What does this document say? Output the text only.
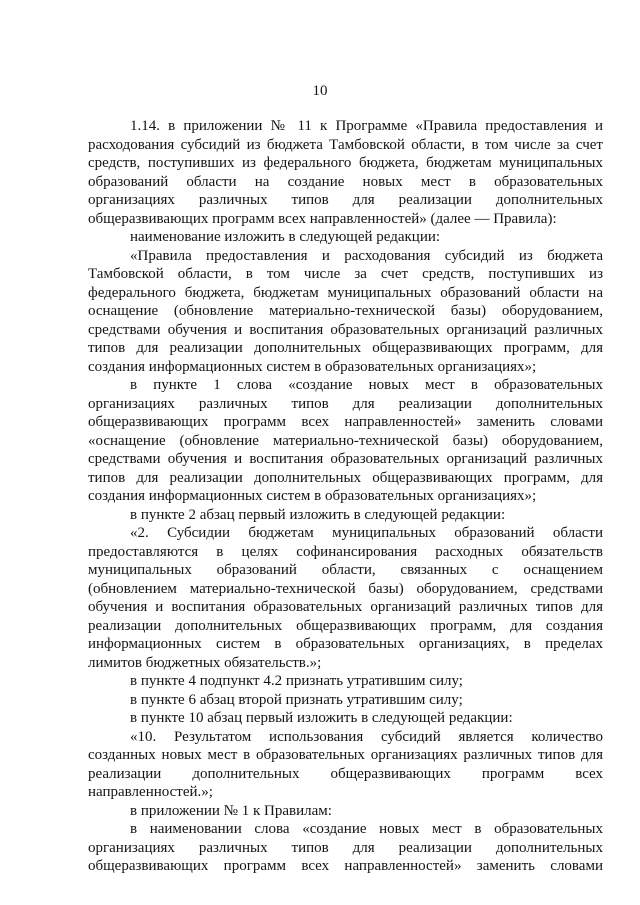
10
1.14. в приложении № 11 к Программе «Правила предоставления и
расходования субсидий из бюджета Тамбовской области, в том числе за счет
средств, поступивших из федерального бюджета, бюджетам муниципальных
образований области на создание новых мест в образовательных
организациях различных типов для реализации дополнительных
общеразвивающих программ всех направленностей» (далее — Правила):
наименование изложить в следующей редакции:
«Правила предоставления и расходования субсидий из бюджета
Тамбовской области, в том числе за счет средств, поступивших из
федерального бюджета, бюджетам муниципальных образований области на
оснащение (обновление материально-технической базы) оборудованием,
средствами обучения и воспитания образовательных организаций различных
типов для реализации дополнительных общеразвивающих программ, для
создания информационных систем в образовательных организациях»;
в пункте 1 слова «создание новых мест в образовательных
организациях различных типов для реализации дополнительных
общеразвивающих программ всех направленностей» заменить словами
«оснащение (обновление материально-технической базы) оборудованием,
средствами обучения и воспитания образовательных организаций различных
типов для реализации дополнительных общеразвивающих программ, для
создания информационных систем в образовательных организациях»;
в пункте 2 абзац первый изложить в следующей редакции:
«2. Субсидии бюджетам муниципальных образований области
предоставляются в целях софинансирования расходных обязательств
муниципальных образований области, связанных с оснащением
(обновлением материально-технической базы) оборудованием, средствами
обучения и воспитания образовательных организаций различных типов для
реализации дополнительных общеразвивающих программ, для создания
информационных систем в образовательных организациях, в пределах
лимитов бюджетных обязательств.»;
в пункте 4 подпункт 4.2 признать утратившим силу;
в пункте 6 абзац второй признать утратившим силу;
в пункте 10 абзац первый изложить в следующей редакции:
«10. Результатом использования субсидий является количество
созданных новых мест в образовательных организациях различных типов для
реализации дополнительных общеразвивающих программ всех
направленностей.»;
в приложении № 1 к Правилам:
в наименовании слова «создание новых мест в образовательных
организациях различных типов для реализации дополнительных
общеразвивающих программ всех направленностей» заменить словами
